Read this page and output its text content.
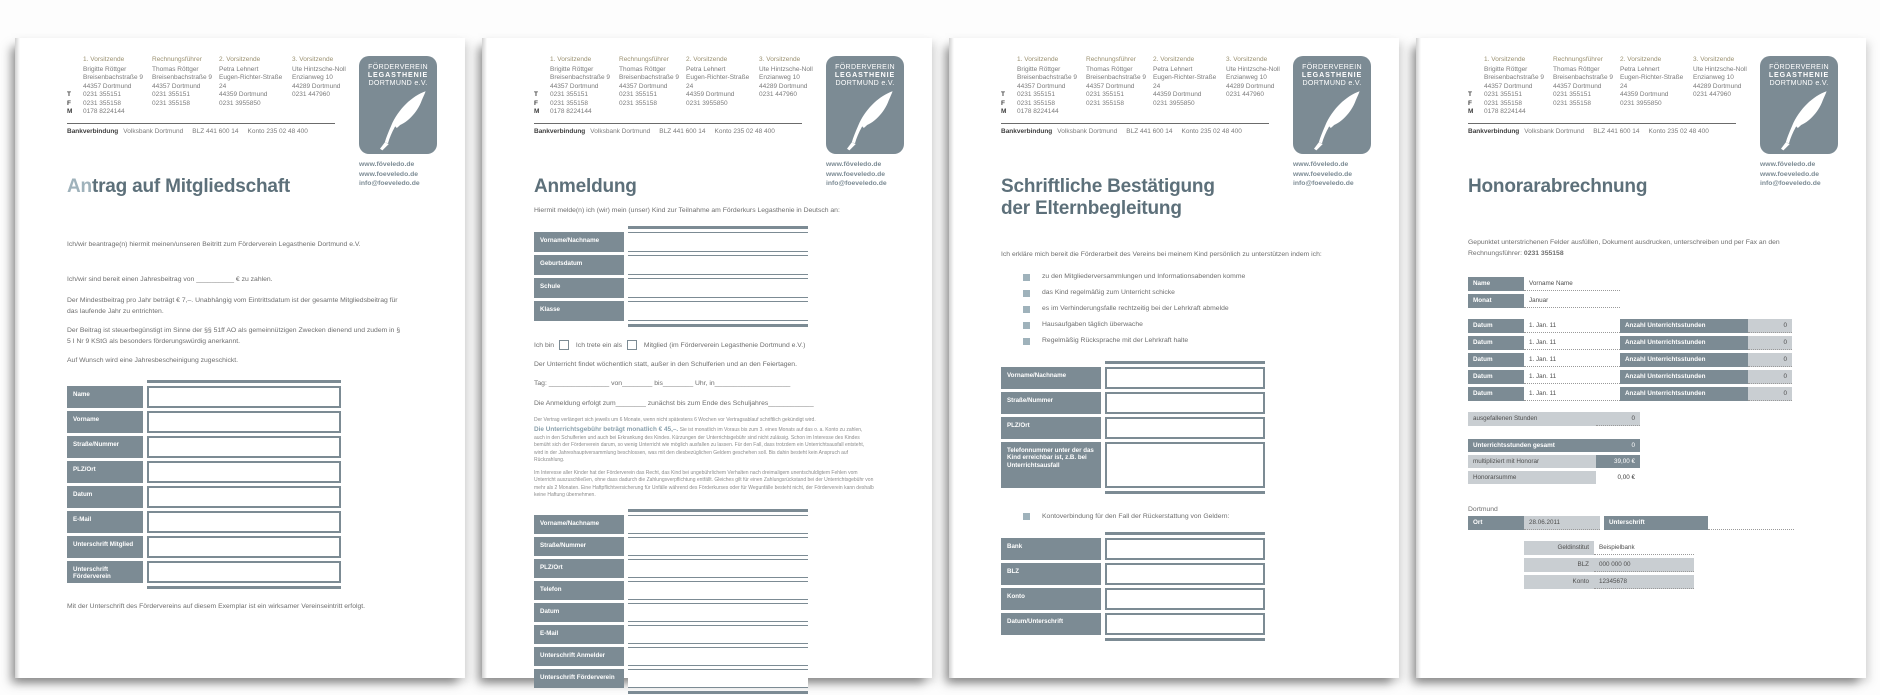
T
F
M
1. Vorsitzende
Brigitte Röttger
Breisenbachstraße 9
44357 Dortmund
0231 355151
0231 355158
0178 8224144
Rechnungsführer
Thomas Röttger
Breisenbachstraße 9
44357 Dortmund
0231 355151
0231 355158
2. Vorsitzende
Petra Lehnert
Eugen-Richter-Straße 24
44359 Dortmund
0231 3955850
3. Vorsitzende
Ute Hintzsche-Noll
Enzianweg 10
44289 Dortmund
0231 447960
Bankverbindung Volksbank Dortmund BLZ 441 600 14 Konto 235 02 48 400
FÖRDERVEREIN
LEGASTHENIE
DORTMUND e.V.
www.föveledo.de
www.foeveledo.de
info@foeveledo.de
Antrag auf Mitgliedschaft
Ich/wir beantrage(n) hiermit meinen/unseren Beitritt zum Förderverein Legasthenie Dortmund e.V.
Ich/wir sind bereit einen Jahresbeitrag von __________ € zu zahlen.
Der Mindestbeitrag pro Jahr beträgt € 7,–. Unabhängig vom Eintrittsdatum ist der gesamte Mitgliedsbeitrag für das laufende Jahr zu entrichten.
Der Beitrag ist steuerbegünstigt im Sinne der §§ 51ff AO als gemeinnützigen Zwecken dienend und zudem in § 5 I Nr 9 KStG als besonders förderungswürdig anerkannt.
Auf Wunsch wird eine Jahresbescheinigung zugeschickt.
Name
Vorname
Straße/Nummer
PLZ/Ort
Datum
E-Mail
Unterschrift Mitglied
Unterschrift Förderverein
Mit der Unterschrift des Fördervereins auf diesem Exemplar ist ein wirksamer Vereinseintritt erfolgt.
T
F
M
1. Vorsitzende
Brigitte Röttger
Breisenbachstraße 9
44357 Dortmund
0231 355151
0231 355158
0178 8224144
Rechnungsführer
Thomas Röttger
Breisenbachstraße 9
44357 Dortmund
0231 355151
0231 355158
2. Vorsitzende
Petra Lehnert
Eugen-Richter-Straße 24
44359 Dortmund
0231 3955850
3. Vorsitzende
Ute Hintzsche-Noll
Enzianweg 10
44289 Dortmund
0231 447960
Bankverbindung Volksbank Dortmund BLZ 441 600 14 Konto 235 02 48 400
FÖRDERVEREIN
LEGASTHENIE
DORTMUND e.V.
www.föveledo.de
www.foeveledo.de
info@foeveledo.de
Anmeldung
Hiermit melde(n) ich (wir) mein (unser) Kind zur Teilnahme am Förderkurs Legasthenie in Deutsch an:
Vorname/Nachname
Geburtsdatum
Schule
Klasse
Ich bin	Ich trete ein als	Mitglied (im Förderverein Legasthenie Dortmund e.V.)
Der Unterricht findet wöchentlich statt, außer in den Schulferien und an den Feiertagen.
Tag: ________________ von________ bis________ Uhr, in____________________
Die Anmeldung erfolgt zum________ zunächst bis zum Ende des Schuljahres____________
Der Vertrag verlängert sich jeweils um 6 Monate, wenn nicht spätestens 6 Wochen vor Vertragsablauf schriftlich gekündigt wird.
Die Unterrichtsgebühr beträgt monatlich € 45,–. Sie ist monatlich im Voraus bis zum 3. eines Monats auf das o. a. Konto zu zahlen, auch in den Schulferien und auch bei Erkrankung des Kindes. Kürzungen der Unterrichtsgebühr sind nicht zulässig. Schon im Interesse des Kindes bemüht sich der Förderverein darum, so wenig Unterricht wie möglich ausfallen zu lassen. Für den Fall, dass trotzdem ein Unterrichtsausfall entsteht, wird in der Jahreshauptversammlung beschlossen, was mit den diesbezüglichen Geldern geschehen soll. Bis dahin besteht kein Anspruch auf Rückzahlung.
Im Interesse aller Kinder hat der Förderverein das Recht, das Kind bei ungebührlichem Verhalten nach dreimaligem unentschuldigtem Fehlen vom Unterricht auszuschließen, ohne dass dadurch die Zahlungsverpflichtung entfällt. Gleiches gilt für einen Zahlungsrückstand bei der Unterrichtsgebühr von mehr als 2 Monaten. Eine Haftpflichtversicherung für Unfälle während des Förderkurses oder für Wegunfälle besteht nicht, der Förderverein kann deshalb keine Haftung übernehmen.
Vorname/Nachname
Straße/Nummer
PLZ/Ort
Telefon
Datum
E-Mail
Unterschrift Anmelder
Unterschrift Förderverein
T
F
M
1. Vorsitzende
Brigitte Röttger
Breisenbachstraße 9
44357 Dortmund
0231 355151
0231 355158
0178 8224144
Rechnungsführer
Thomas Röttger
Breisenbachstraße 9
44357 Dortmund
0231 355151
0231 355158
2. Vorsitzende
Petra Lehnert
Eugen-Richter-Straße 24
44359 Dortmund
0231 3955850
3. Vorsitzende
Ute Hintzsche-Noll
Enzianweg 10
44289 Dortmund
0231 447960
Bankverbindung Volksbank Dortmund BLZ 441 600 14 Konto 235 02 48 400
FÖRDERVEREIN
LEGASTHENIE
DORTMUND e.V.
www.föveledo.de
www.foeveledo.de
info@foeveledo.de
Schriftliche Bestätigung
der Elternbegleitung
Ich erkläre mich bereit die Förderarbeit des Vereins bei meinem Kind persönlich zu unterstützen indem ich:
zu den Mitgliederversammlungen und Informationsabenden komme
das Kind regelmäßig zum Unterricht schicke
es im Verhinderungsfalle rechtzeitig bei der Lehrkraft abmelde
Hausaufgaben täglich überwache
Regelmäßig Rücksprache mit der Lehrkraft halte
Vorname/Nachname
Straße/Nummer
PLZ/Ort
Telefonnummer unter der das Kind erreichbar ist, z.B. bei Unterrichtsausfall
Kontoverbindung für den Fall der Rückerstattung von Geldern:
Bank
BLZ
Konto
Datum/Unterschrift
T
F
M
1. Vorsitzende
Brigitte Röttger
Breisenbachstraße 9
44357 Dortmund
0231 355151
0231 355158
0178 8224144
Rechnungsführer
Thomas Röttger
Breisenbachstraße 9
44357 Dortmund
0231 355151
0231 355158
2. Vorsitzende
Petra Lehnert
Eugen-Richter-Straße 24
44359 Dortmund
0231 3955850
3. Vorsitzende
Ute Hintzsche-Noll
Enzianweg 10
44289 Dortmund
0231 447960
Bankverbindung Volksbank Dortmund BLZ 441 600 14 Konto 235 02 48 400
FÖRDERVEREIN
LEGASTHENIE
DORTMUND e.V.
www.föveledo.de
www.foeveledo.de
info@foeveledo.de
Honorarabrechnung
Gepunktet unterstrichenen Felder ausfüllen, Dokument ausdrucken, unterschreiben und per Fax an den Rechnungsführer: 0231 355158
Name	Vorname Name
Monat	Januar
Datum	1. Jan. 11	Anzahl Unterrichtsstunden	0
Datum	1. Jan. 11	Anzahl Unterrichtsstunden	0
Datum	1. Jan. 11	Anzahl Unterrichtsstunden	0
Datum	1. Jan. 11	Anzahl Unterrichtsstunden	0
Datum	1. Jan. 11	Anzahl Unterrichtsstunden	0
ausgefallenen Stunden	0
Unterrichtsstunden gesamt	0
multipliziert mit Honorar	39,00 €
Honorarsumme	0,00 €
Dortmund
Ort	28.06.2011	Unterschrift
Geldinstitut	Beispielbank
BLZ	000 000 00
Konto	12345678
